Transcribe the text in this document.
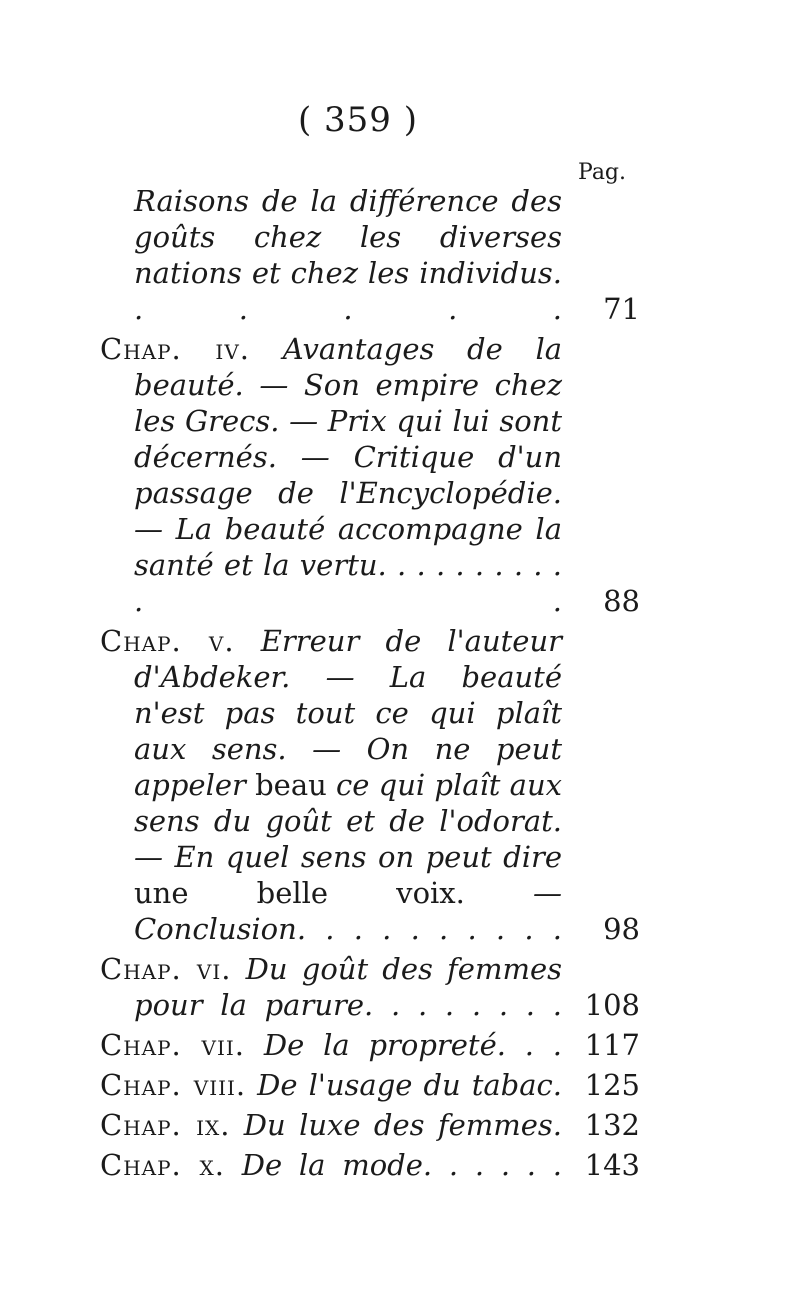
( 359 )
Pag.
Raisons de la différence des goûts chez les diverses nations et chez les individus. . . . . .	71
Chap. iv. Avantages de la beauté. — Son empire chez les Grecs. — Prix qui lui sont décernés. — Critique d'un passage de l'Encyclopédie. — La beauté accompagne la santé et la vertu. . . . . . . . . . . .	88
Chap. v. Erreur de l'auteur d'Abdeker. — La beauté n'est pas tout ce qui plaît aux sens. — On ne peut appeler beau ce qui plaît aux sens du goût et de l'odorat. — En quel sens on peut dire une belle voix. — Conclusion. . . . . . . . . .	98
Chap. vi. Du goût des femmes pour la parure. . . . . . . . 108
Chap. vii. De la propreté. . . 117
Chap. viii. De l'usage du tabac. 125
Chap. ix. Du luxe des femmes. 132
Chap. x. De la mode. . . . . . 143
